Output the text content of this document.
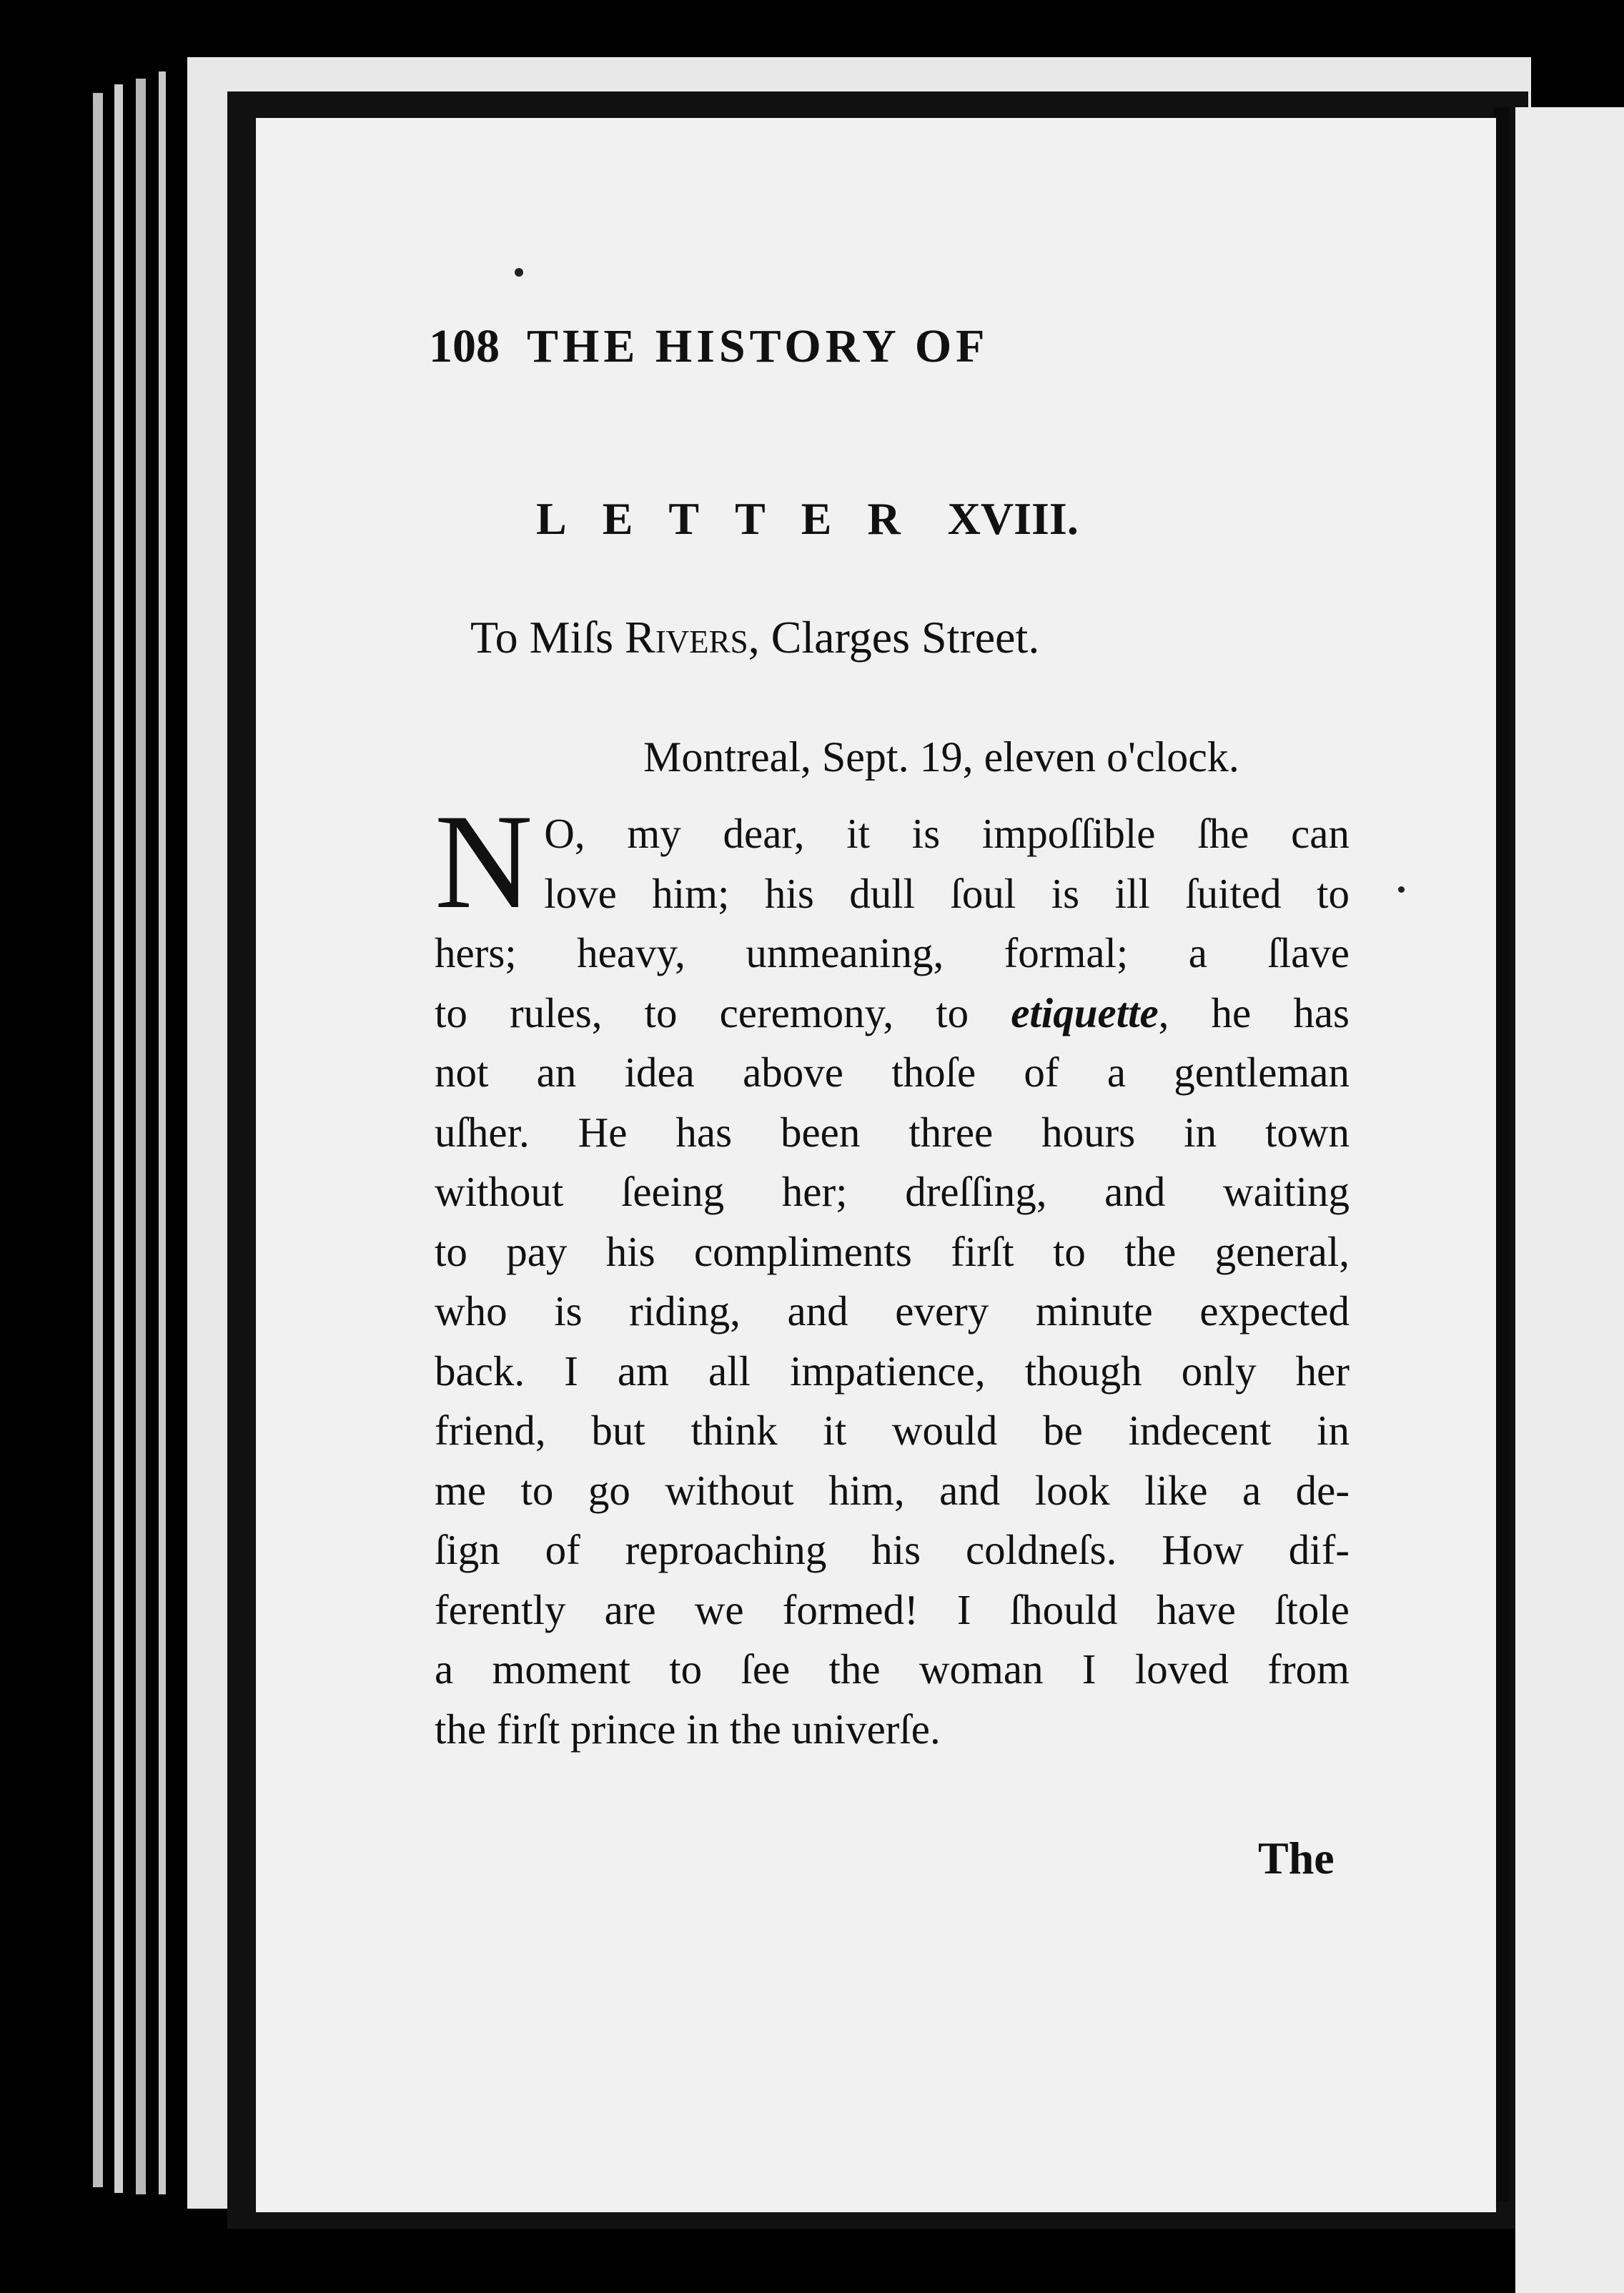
108 THE HISTORY OF
LETTER XVIII.
To Miſs Rivers, Clarges Street.
Montreal, Sept. 19, eleven o'clock.
N O, my dear, it is impoſſible ſhe can
love him; his dull ſoul is ill ſuited to
hers; heavy, unmeaning, formal; a ſlave
to rules, to ceremony, to etiquette, he has
not an idea above thoſe of a gentleman
uſher. He has been three hours in town
without ſeeing her; dreſſing, and waiting
to pay his compliments firſt to the general,
who is riding, and every minute expected
back. I am all impatience, though only her
friend, but think it would be indecent in
me to go without him, and look like a de-
ſign of reproaching his coldneſs. How dif-
ferently are we formed! I ſhould have ſtole
a moment to ſee the woman I loved from
the firſt prince in the univerſe.
The
